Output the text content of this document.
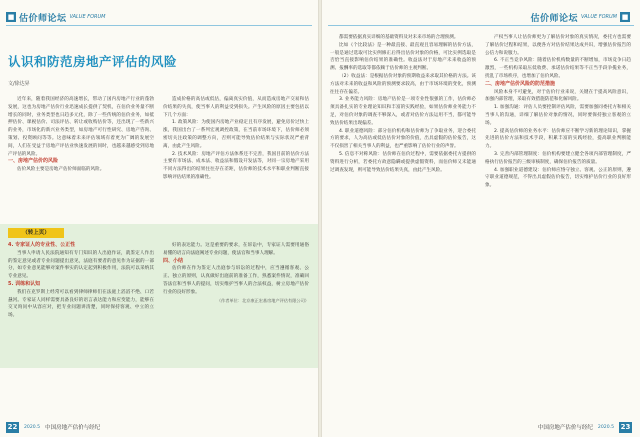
■ 估价师论坛 VALUE FORUM
认识和防范房地产评估的风险
文/徐达昇

近年来，随着我国经济的高速增长，带动了国内房地产行业的蓬勃发展，这也为房地产估价行业迅速成长提供了契机，在估价业务量不断增长的同时，业务类型也日趋多元化，除了一些传统的估价业务，如抵押估价、课税估价、司法评估、转让或收购估价等，还出现了一些新兴的业务，市场化的新兴业务类型，如房地产可行性研究、房地产咨询、策划、投资顾问等等。这意味着未来评估领域有着更为广阔的发展空间，人们在受益于房地产评估业快速发展的同时，也越来越感受到房地产评估的风险。

一、房地产估价的风险

估价风险主要是房地产估价师面临的风险。

造成价格的高估或低估，偏离真实价值，从而造成房地产交易和估价结果的失真，使当事人的利益受到损失。产生风险的原因主要包括以下几个方面：

1. 政策风险：为使国内房地产业稳定且有序发展，避免房价过快上涨，我国出台了一系列宏观调控政策，在当前市场环境下，估价师必须密切关注政策的调整方向，否则可能导致估价结果与实际状况严重背离，由此产生风险。

2. 技术风险：房地产评估方法体系还不完善，我国目前的估价方法主要有市场法、成本法、收益法和假设开发法等，对同一宗房地产采用不同方法得出的结果往往存在差距，估价师的技术水平和职业判断直接影响评估结果的准确性。

（转上页）

4. 专家证人的专业性、公正性

当事人申请人民法院通知有专门知识的人出庭作证，就鉴定人作出的鉴定意见或者专业问题提出意见，法庭有要者的意见作为证据的一部分，如专业意见能够对案件事实的认定起到积极作用，法院可以采纳其专业意见。

5. 训练和认知

我们在克罗斯上经常可以看到律师律师们在法庭上滔滔不绝、口若悬河。专家证人同样需要具备良好的语言表达能力和应变能力，能够在交叉询问中从容应对，把专业问题讲清楚，同时保持客观、中立的立场。

好的表达能力。这是重要的要求，在诉讼中，专家证人需要用通俗易懂的语言向法庭阐述专业问题，使法官和当事人理解。

四、小结

估价师在作为鉴定人出庭参与诉讼的过程中，应当遵循客观、公正、独立的原则，认真做好出庭前的准备工作，熟悉案件情况，准确回答法官和当事人的提问，切实维护当事人的合法权益，树立房地产估价行业的良好形象。

（作者单位：北京康正宏基房地产评估有限公司）

22	2020.5 中国房地产估价与经纪
估价师论坛 VALUE FORUM ■

都需要依据真实详细的基础资料及对未来市场的合理预测。

比如《个比较法》是一种最直接、最直观且容易理解的估价方法，一般是通过选取可比实例修正后得出估价对象的价格，可比实例选取是否恰当直接影响估价结果的准确性。收益法对于房地产未来收益的预测、报酬率的选取等都依赖于估价师的主观判断。

（2）收益法：是根据估价对象的预期收益来求取其价格的方法。该方法对未来的收益和风险的预测要求较高，由于市场环境的变化，预测往往存在偏差。

3. 业务能力风险：房地产估价是一项专业性很强的工作，估价师必须具备扎实的专业理论知识和丰富的实践经验，如果估价师业务能力不足，对估价对象的调查不够深入，或者对估价方法运用不当，都可能导致估价结果出现偏差。

4. 职业道德风险：部分估价机构和估价师为了争取业务，迎合委托方的要求，人为高估或低估估价对象的价值，出具虚假的估价报告，这不仅损害了相关当事人的利益，也严重影响了估价行业的声誉。

5. 信息不对称风险：估价师在估价过程中，需要依据委托方提供的资料进行分析，若委托方故意隐瞒或提供虚假资料，而估价师又未能通过调查发现，则可能导致估价结果失真，由此产生风险。

产权当事人让估价师更为了解估价对象的真实情况，委托方也需要了解估价过程和结果，以便各方对估价结果达成共识，增强估价报告的公信力和说服力。

6. 不正当竞争风险：随着估价机构数量的不断增加，市场竞争日趋激烈，一些机构采取压低收费、承诺估价结果等不正当手段争揽业务，扰乱了市场秩序，也增加了估价风险。

二、房地产估价风险的防范措施

风险本身不可避免，对于估价行业来说，关键在于提高风险意识，加强内部管理，采取有效措施防范和化解风险。

1. 加强沟通：评估人员要控制评估风险，需要加强同委托方和相关当事人的沟通，详细了解估价对象的情况，同时要保持独立客观的立场。

2. 提高估价师的业务水平：估价师应不断学习新的理论知识，掌握先进的估价方法和技术手段，积累丰富的实践经验，提高职业判断能力。

3. 完善内部管理制度：估价机构要建立健全各项内部管理制度，严格执行估价报告的三级审核制度，确保估价报告的质量。

4. 加强职业道德建设：估价师应恪守独立、客观、公正的原则，遵守职业道德规范，不得出具虚假估价报告，切实维护估价行业的良好形象。

中国房地产估价与经纪 2020.5 23
